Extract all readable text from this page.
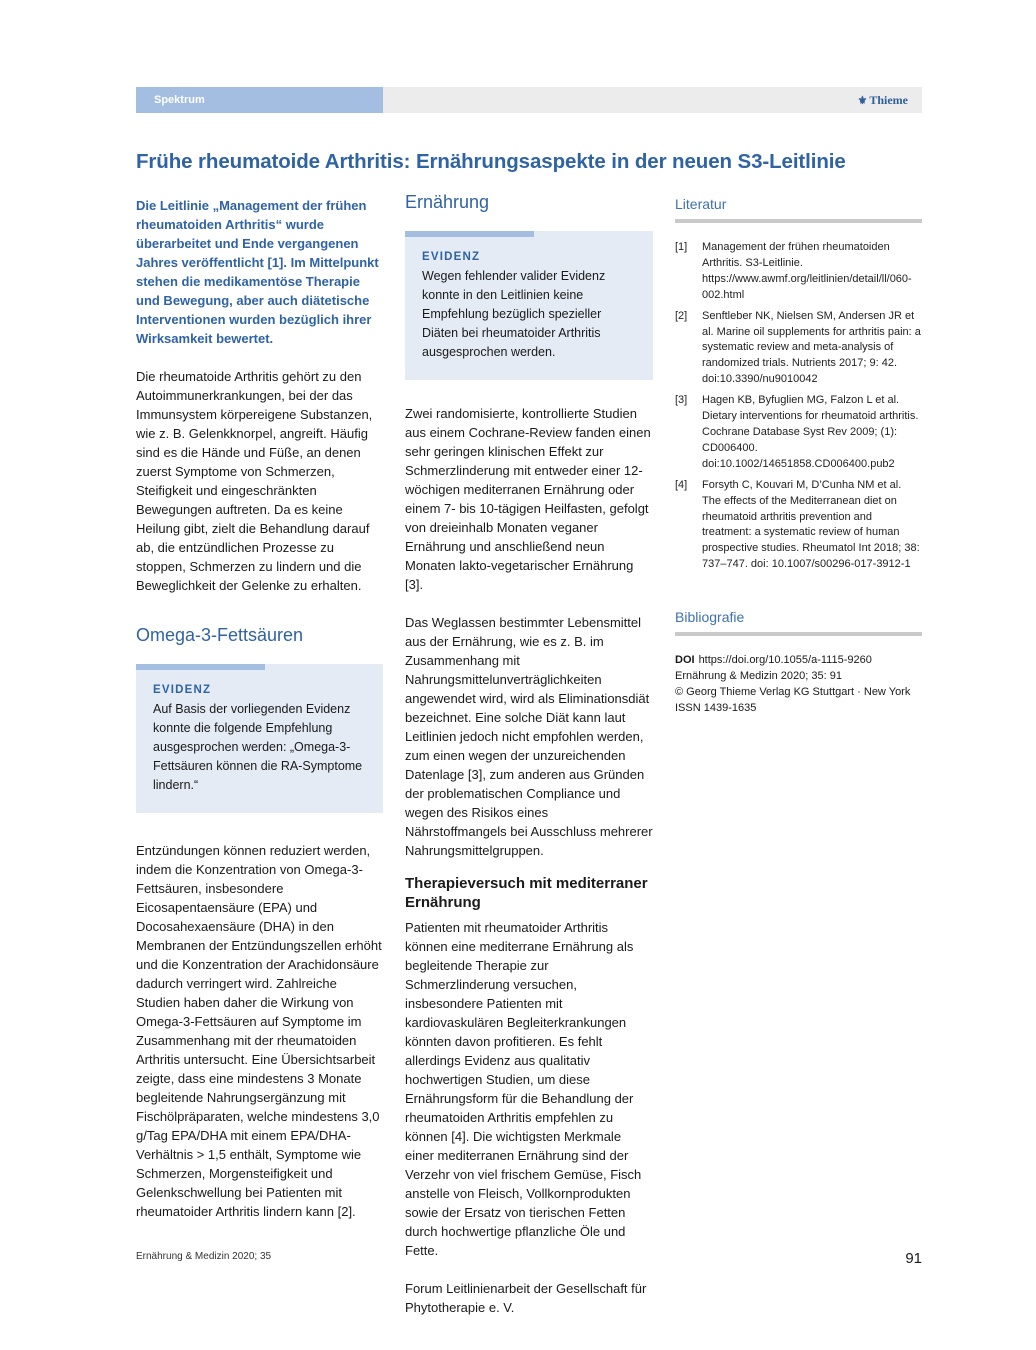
Spektrum	⚜ Thieme
Frühe rheumatoide Arthritis: Ernährungsaspekte in der neuen S3-Leitlinie

Die Leitlinie „Management der frühen rheumatoiden Arthritis“ wurde überarbeitet und Ende vergangenen Jahres veröffentlicht [1]. Im Mittelpunkt stehen die medikamentöse Therapie und Bewegung, aber auch diätetische Interventionen wurden bezüglich ihrer Wirksamkeit bewertet.

Die rheumatoide Arthritis gehört zu den Autoimmunerkrankungen, bei der das Immunsystem körpereigene Substanzen, wie z. B. Gelenkknorpel, angreift. Häufig sind es die Hände und Füße, an denen zuerst Symptome von Schmerzen, Steifigkeit und eingeschränkten Bewegungen auftreten. Da es keine Heilung gibt, zielt die Behandlung darauf ab, die entzündlichen Prozesse zu stoppen, Schmerzen zu lindern und die Beweglichkeit der Gelenke zu erhalten.

Omega-3-Fettsäuren
EVIDENZ

Auf Basis der vorliegenden Evidenz konnte die folgende Empfehlung ausgesprochen werden: „Omega-3-Fettsäuren können die RA-Symptome lindern.“

Entzündungen können reduziert werden, indem die Konzentration von Omega-3-Fettsäuren, insbesondere Eicosapentaensäure (EPA) und Docosahexaensäure (DHA) in den Membranen der Entzündungszellen erhöht und die Konzentration der Arachidonsäure dadurch verringert wird. Zahlreiche Studien haben daher die Wirkung von Omega-3-Fettsäuren auf Symptome im Zusammenhang mit der rheumatoiden Arthritis untersucht. Eine Übersichtsarbeit zeigte, dass eine mindestens 3 Monate begleitende Nahrungsergänzung mit Fischölpräparaten, welche mindestens 3,0 g/Tag EPA/DHA mit einem EPA/DHA-Verhältnis > 1,5 enthält, Symptome wie Schmerzen, Morgensteifigkeit und Gelenkschwellung bei Patienten mit rheumatoider Arthritis lindern kann [2].

Ernährung
EVIDENZ

Wegen fehlender valider Evidenz konnte in den Leitlinien keine Empfehlung bezüglich spezieller Diäten bei rheumatoider Arthritis ausgesprochen werden.

Zwei randomisierte, kontrollierte Studien aus einem Cochrane-Review fanden einen sehr geringen klinischen Effekt zur Schmerzlinderung mit entweder einer 12-wöchigen mediterranen Ernährung oder einem 7- bis 10-tägigen Heilfasten, gefolgt von dreieinhalb Monaten veganer Ernährung und anschließend neun Monaten lakto-vegetarischer Ernährung [3].

Das Weglassen bestimmter Lebensmittel aus der Ernährung, wie es z. B. im Zusammenhang mit Nahrungsmittelunverträglichkeiten angewendet wird, wird als Eliminationsdiät bezeichnet. Eine solche Diät kann laut Leitlinien jedoch nicht empfohlen werden, zum einen wegen der unzureichenden Datenlage [3], zum anderen aus Gründen der problematischen Compliance und wegen des Risikos eines Nährstoffmangels bei Ausschluss mehrerer Nahrungsmittelgruppen.

Therapieversuch mit mediterraner Ernährung

Patienten mit rheumatoider Arthritis können eine mediterrane Ernährung als begleitende Therapie zur Schmerzlinderung versuchen, insbesondere Patienten mit kardiovaskulären Begleiterkrankungen könnten davon profitieren. Es fehlt allerdings Evidenz aus qualitativ hochwertigen Studien, um diese Ernährungsform für die Behandlung der rheumatoiden Arthritis empfehlen zu können [4]. Die wichtigsten Merkmale einer mediterranen Ernährung sind der Verzehr von viel frischem Gemüse, Fisch anstelle von Fleisch, Vollkornprodukten sowie der Ersatz von tierischen Fetten durch hochwertige pflanzliche Öle und Fette.

Forum Leitlinienarbeit der Gesellschaft für Phytotherapie e. V.

Literatur
[1]	Management der frühen rheumatoiden Arthritis. S3-Leitlinie. https://www.awmf.org/leitlinien/detail/ll/060-002.html
[2]	Senftleber NK, Nielsen SM, Andersen JR et al. Marine oil supplements for arthritis pain: a systematic review and meta-analysis of randomized trials. Nutrients 2017; 9: 42. doi:10.3390/nu9010042
[3]	Hagen KB, Byfuglien MG, Falzon L et al. Dietary interventions for rheumatoid arthritis. Cochrane Database Syst Rev 2009; (1): CD006400. doi:10.1002/14651858.CD006400.pub2
[4]	Forsyth C, Kouvari M, D’Cunha NM et al. The effects of the Mediterranean diet on rheumatoid arthritis prevention and treatment: a systematic review of human prospective studies. Rheumatol Int 2018; 38: 737–747. doi: 10.1007/s00296-017-3912-1
Bibliografie

DOI https://doi.org/10.1055/a-1115-9260

Ernährung & Medizin 2020; 35: 91

© Georg Thieme Verlag KG Stuttgart · New York

ISSN 1439-1635

Ernährung & Medizin 2020; 35	91
